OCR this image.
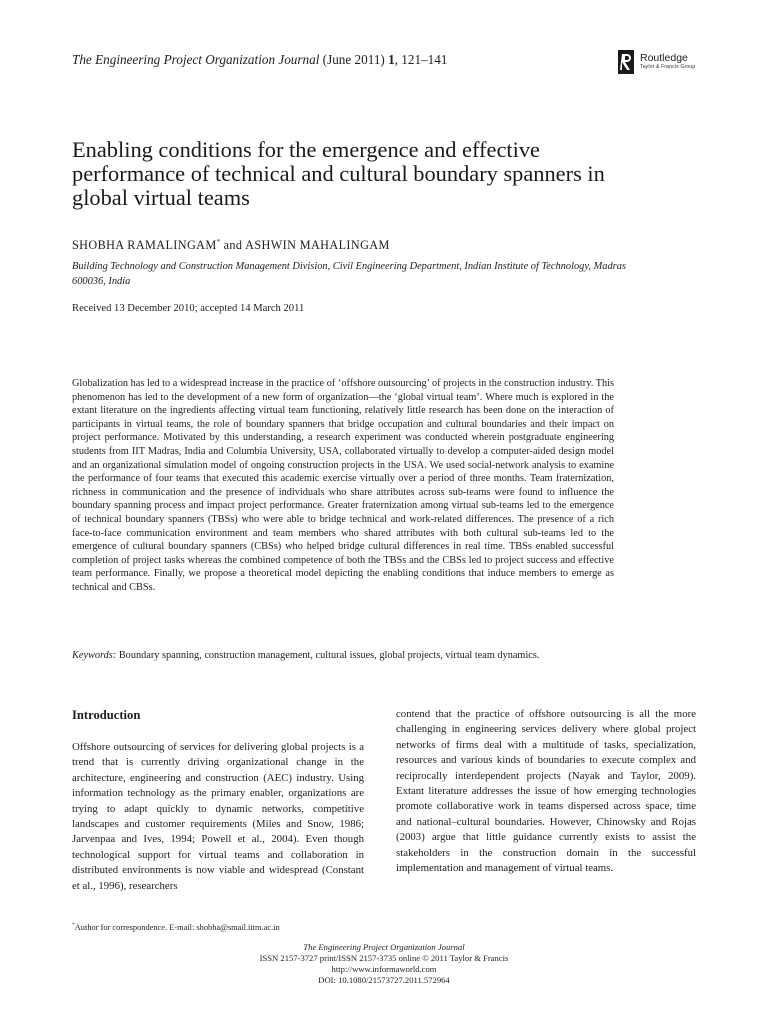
The Engineering Project Organization Journal (June 2011) 1, 121–141	Routledge
Taylor & Francis Group
Enabling conditions for the emergence and effective performance of technical and cultural boundary spanners in global virtual teams
SHOBHA RAMALINGAM* and ASHWIN MAHALINGAM
Building Technology and Construction Management Division, Civil Engineering Department, Indian Institute of Technology, Madras 600036, India
Received 13 December 2010; accepted 14 March 2011
Globalization has led to a widespread increase in the practice of ‘offshore outsourcing’ of projects in the construction industry. This phenomenon has led to the development of a new form of organization—the ‘global virtual team’. Where much is explored in the extant literature on the ingredients affecting virtual team functioning, relatively little research has been done on the interaction of participants in virtual teams, the role of boundary spanners that bridge occupation and cultural boundaries and their impact on project performance. Motivated by this understanding, a research experiment was conducted wherein postgraduate engineering students from IIT Madras, India and Columbia University, USA, collaborated virtually to develop a computer-aided design model and an organizational simulation model of ongoing construction projects in the USA. We used social-network analysis to examine the performance of four teams that executed this academic exercise virtually over a period of three months. Team fraternization, richness in communication and the presence of individuals who share attributes across sub-teams were found to influence the boundary spanning process and impact project performance. Greater fraternization among virtual sub-teams led to the emergence of technical boundary spanners (TBSs) who were able to bridge technical and work-related differences. The presence of a rich face-to-face communication environment and team members who shared attributes with both cultural sub-teams led to the emergence of cultural boundary spanners (CBSs) who helped bridge cultural differences in real time. TBSs enabled successful completion of project tasks whereas the combined competence of both the TBSs and the CBSs led to project success and effective team performance. Finally, we propose a theoretical model depicting the enabling conditions that induce members to emerge as technical and CBSs.
Keywords: Boundary spanning, construction management, cultural issues, global projects, virtual team dynamics.
Introduction
Offshore outsourcing of services for delivering global projects is a trend that is currently driving organizational change in the architecture, engineering and construction (AEC) industry. Using information technology as the primary enabler, organizations are trying to adapt quickly to dynamic networks, competitive landscapes and customer requirements (Miles and Snow, 1986; Jarvenpaa and Ives, 1994; Powell et al., 2004). Even though technological support for virtual teams and collaboration in distributed environments is now viable and widespread (Constant et al., 1996), researchers
contend that the practice of offshore outsourcing is all the more challenging in engineering services delivery where global project networks of firms deal with a multitude of tasks, specialization, resources and various kinds of boundaries to execute complex and reciprocally interdependent projects (Nayak and Taylor, 2009). Extant literature addresses the issue of how emerging technologies promote collaborative work in teams dispersed across space, time and national–cultural boundaries. However, Chinowsky and Rojas (2003) argue that little guidance currently exists to assist the stakeholders in the construction domain in the successful implementation and management of virtual teams.
*Author for correspondence. E-mail: shobha@smail.iitm.ac.in
The Engineering Project Organization Journal
ISSN 2157-3727 print/ISSN 2157-3735 online © 2011 Taylor & Francis
http://www.informaworld.com
DOI: 10.1080/21573727.2011.572964
